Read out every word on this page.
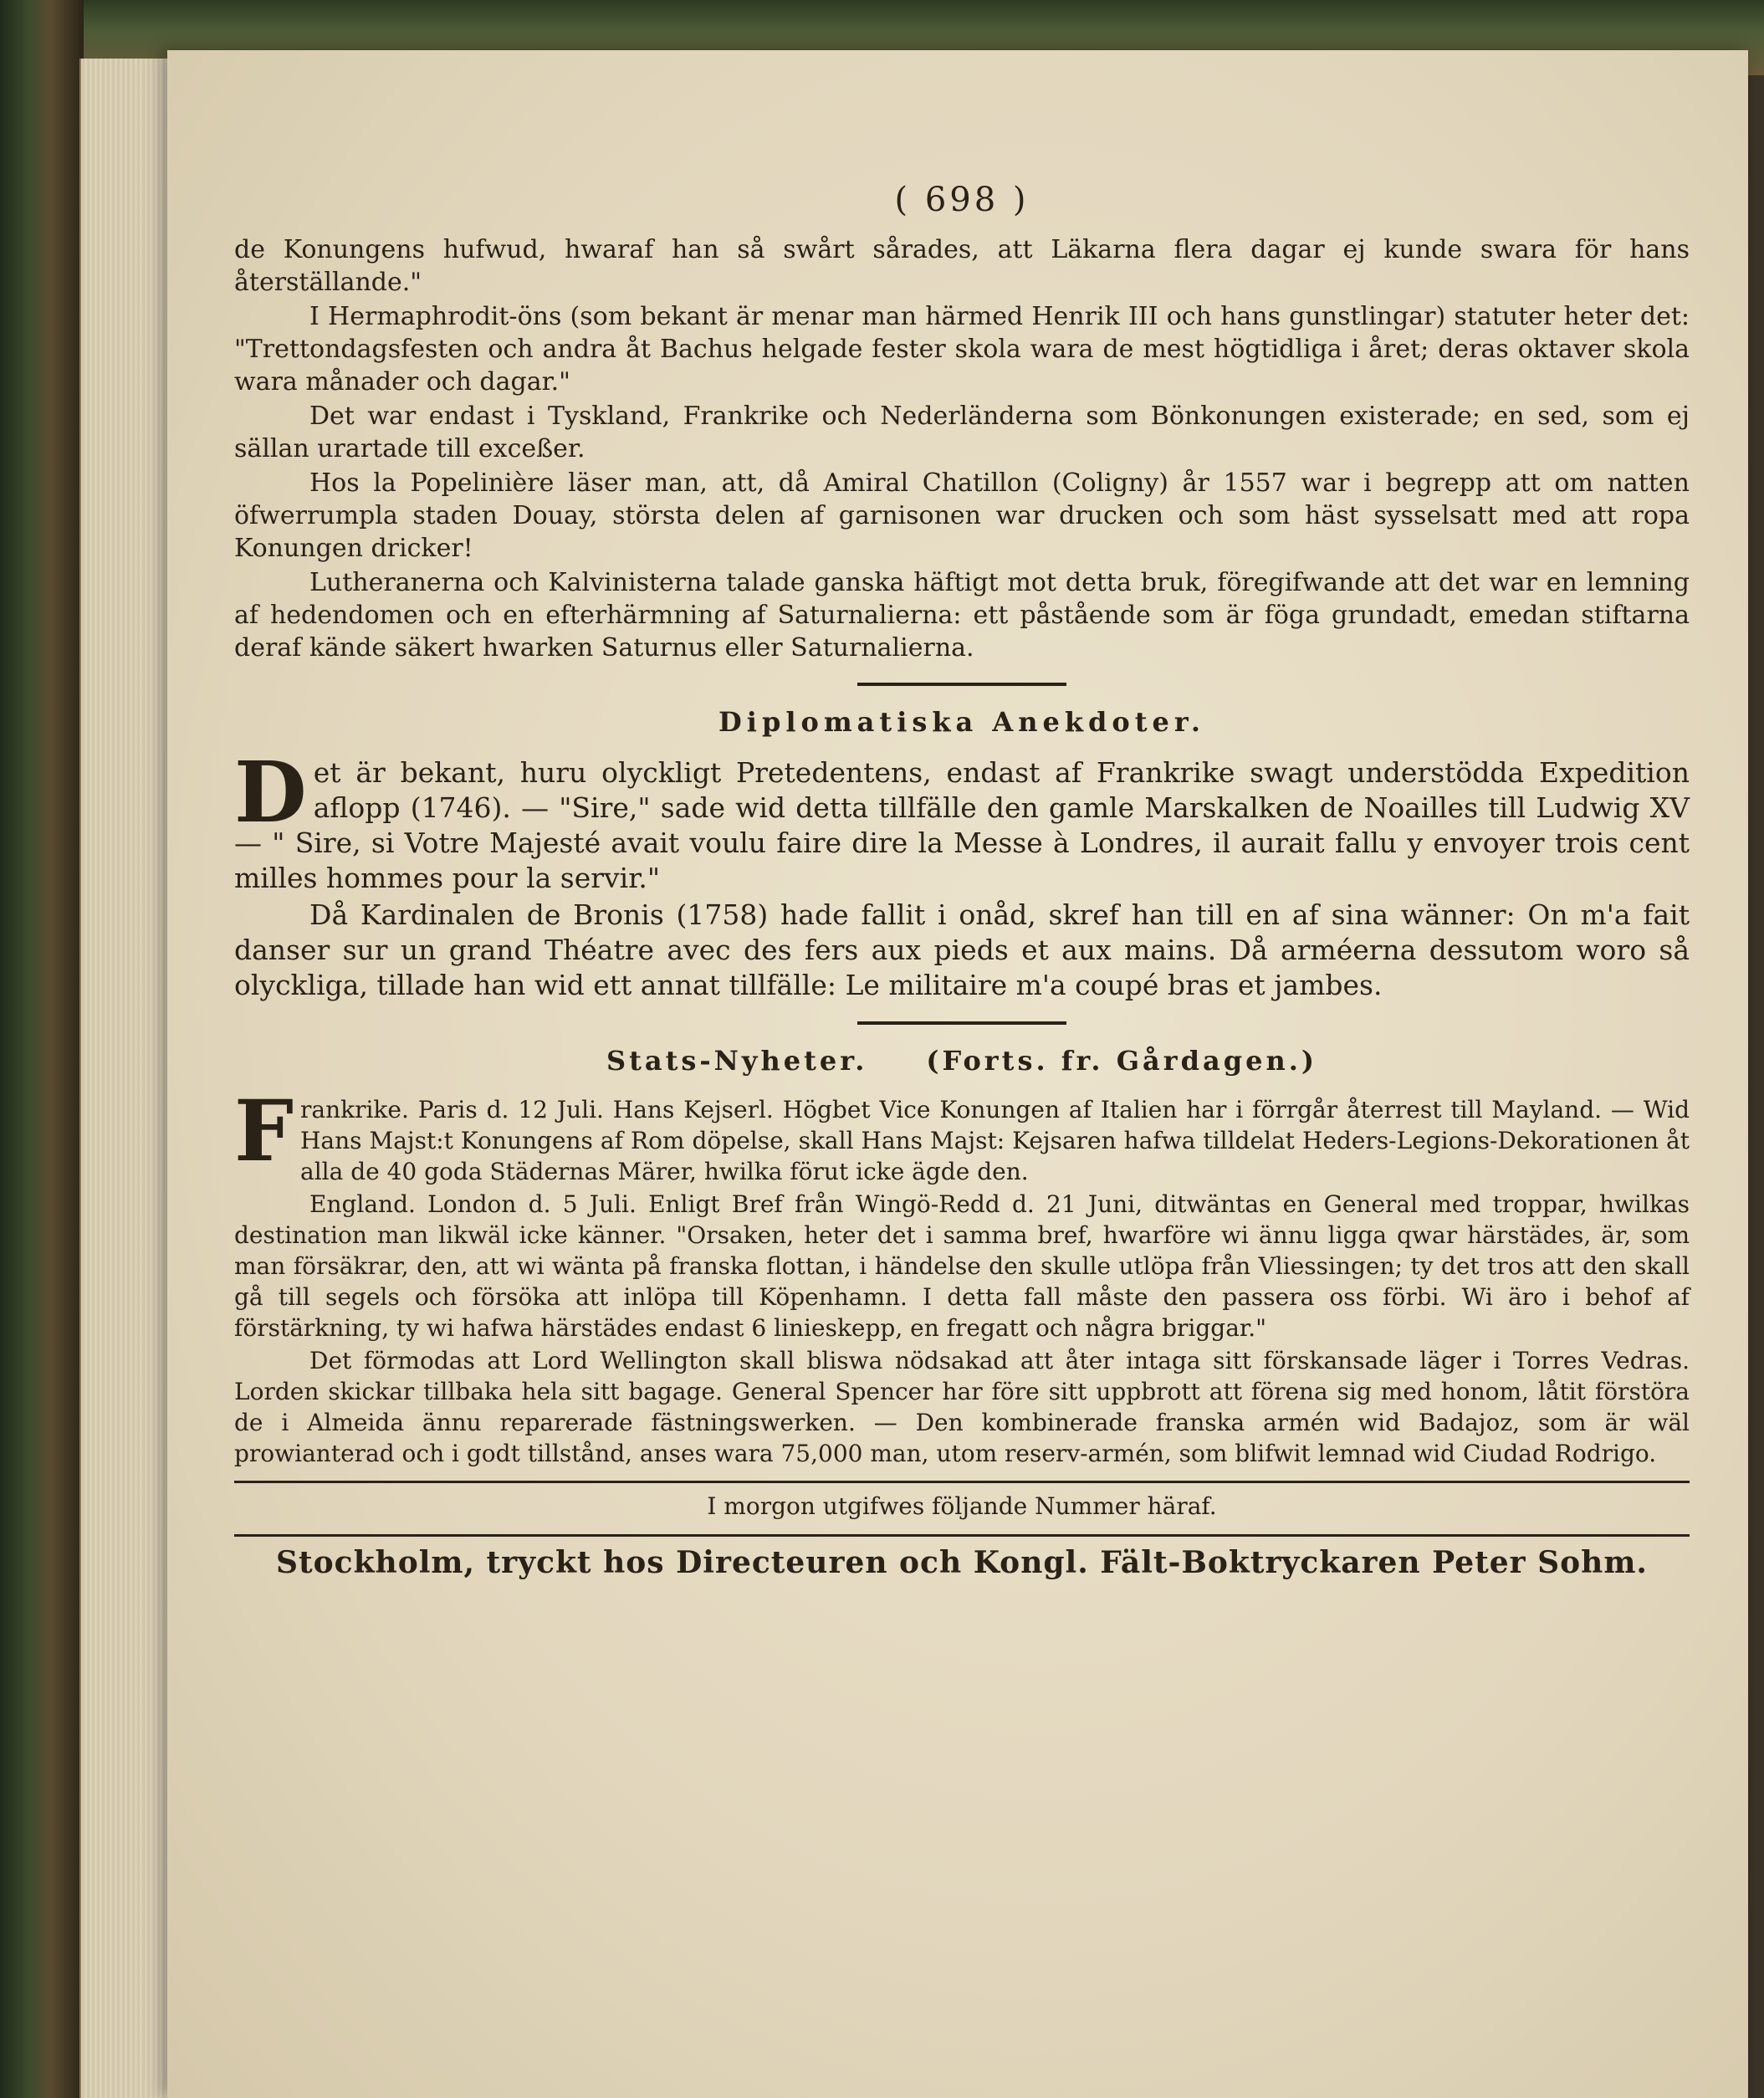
( 698 )

de Konungens hufwud, hwaraf han så swårt sårades, att Läkarna flera dagar ej kunde swara för hans återställande."

I Hermaphrodit-öns (som bekant är menar man härmed Henrik III och hans gunstlingar) statuter heter det: "Trettondagsfesten och andra åt Bachus helgade fester skola wara de mest högtidliga i året; deras oktaver skola wara månader och dagar."

Det war endast i Tyskland, Frankrike och Nederländerna som Bönkonungen existerade; en sed, som ej sällan urartade till exceßer.

Hos la Popelinière läser man, att, då Amiral Chatillon (Coligny) år 1557 war i begrepp att om natten öfwerrumpla staden Douay, största delen af garnisonen war drucken och som häst sysselsatt med att ropa Konungen dricker!

Lutheranerna och Kalvinisterna talade ganska häftigt mot detta bruk, föregifwande att det war en lemning af hedendomen och en efterhärmning af Saturnalierna: ett påstående som är föga grundadt, emedan stiftarna deraf kände säkert hwarken Saturnus eller Saturnalierna.

Diplomatiska Anekdoter.

Det är bekant, huru olyckligt Pretedentens, endast af Frankrike swagt understödda Expedition aflopp (1746). — "Sire," sade wid detta tillfälle den gamle Marskalken de Noailles till Ludwig XV — " Sire, si Votre Majesté avait voulu faire dire la Messe à Londres, il aurait fallu y envoyer trois cent milles hommes pour la servir."

Då Kardinalen de Bronis (1758) hade fallit i onåd, skref han till en af sina wänner: On m'a fait danser sur un grand Théatre avec des fers aux pieds et aux mains. Då arméerna dessutom woro så olyckliga, tillade han wid ett annat tillfälle: Le militaire m'a coupé bras et jambes.

Stats-Nyheter. (Forts. fr. Gårdagen.)

Frankrike. Paris d. 12 Juli. Hans Kejserl. Högbet Vice Konungen af Italien har i förrgår återrest till Mayland. — Wid Hans Majst:t Konungens af Rom döpelse, skall Hans Majst: Kejsaren hafwa tilldelat Heders-Legions-Dekorationen åt alla de 40 goda Städernas Märer, hwilka förut icke ägde den.

England. London d. 5 Juli. Enligt Bref från Wingö-Redd d. 21 Juni, ditwäntas en General med troppar, hwilkas destination man likwäl icke känner. "Orsaken, heter det i samma bref, hwarföre wi ännu ligga qwar härstädes, är, som man försäkrar, den, att wi wänta på franska flottan, i händelse den skulle utlöpa från Vliessingen; ty det tros att den skall gå till segels och försöka att inlöpa till Köpenhamn. I detta fall måste den passera oss förbi. Wi äro i behof af förstärkning, ty wi hafwa härstädes endast 6 linieskepp, en fregatt och några briggar."

Det förmodas att Lord Wellington skall bliswa nödsakad att åter intaga sitt förskansade läger i Torres Vedras. Lorden skickar tillbaka hela sitt bagage. General Spencer har före sitt uppbrott att förena sig med honom, låtit förstöra de i Almeida ännu reparerade fästningswerken. — Den kombinerade franska armén wid Badajoz, som är wäl prowianterad och i godt tillstånd, anses wara 75,000 man, utom reserv-armén, som blifwit lemnad wid Ciudad Rodrigo.

I morgon utgifwes följande Nummer häraf.
Stockholm, tryckt hos Directeuren och Kongl. Fält-Boktryckaren Peter Sohm.
